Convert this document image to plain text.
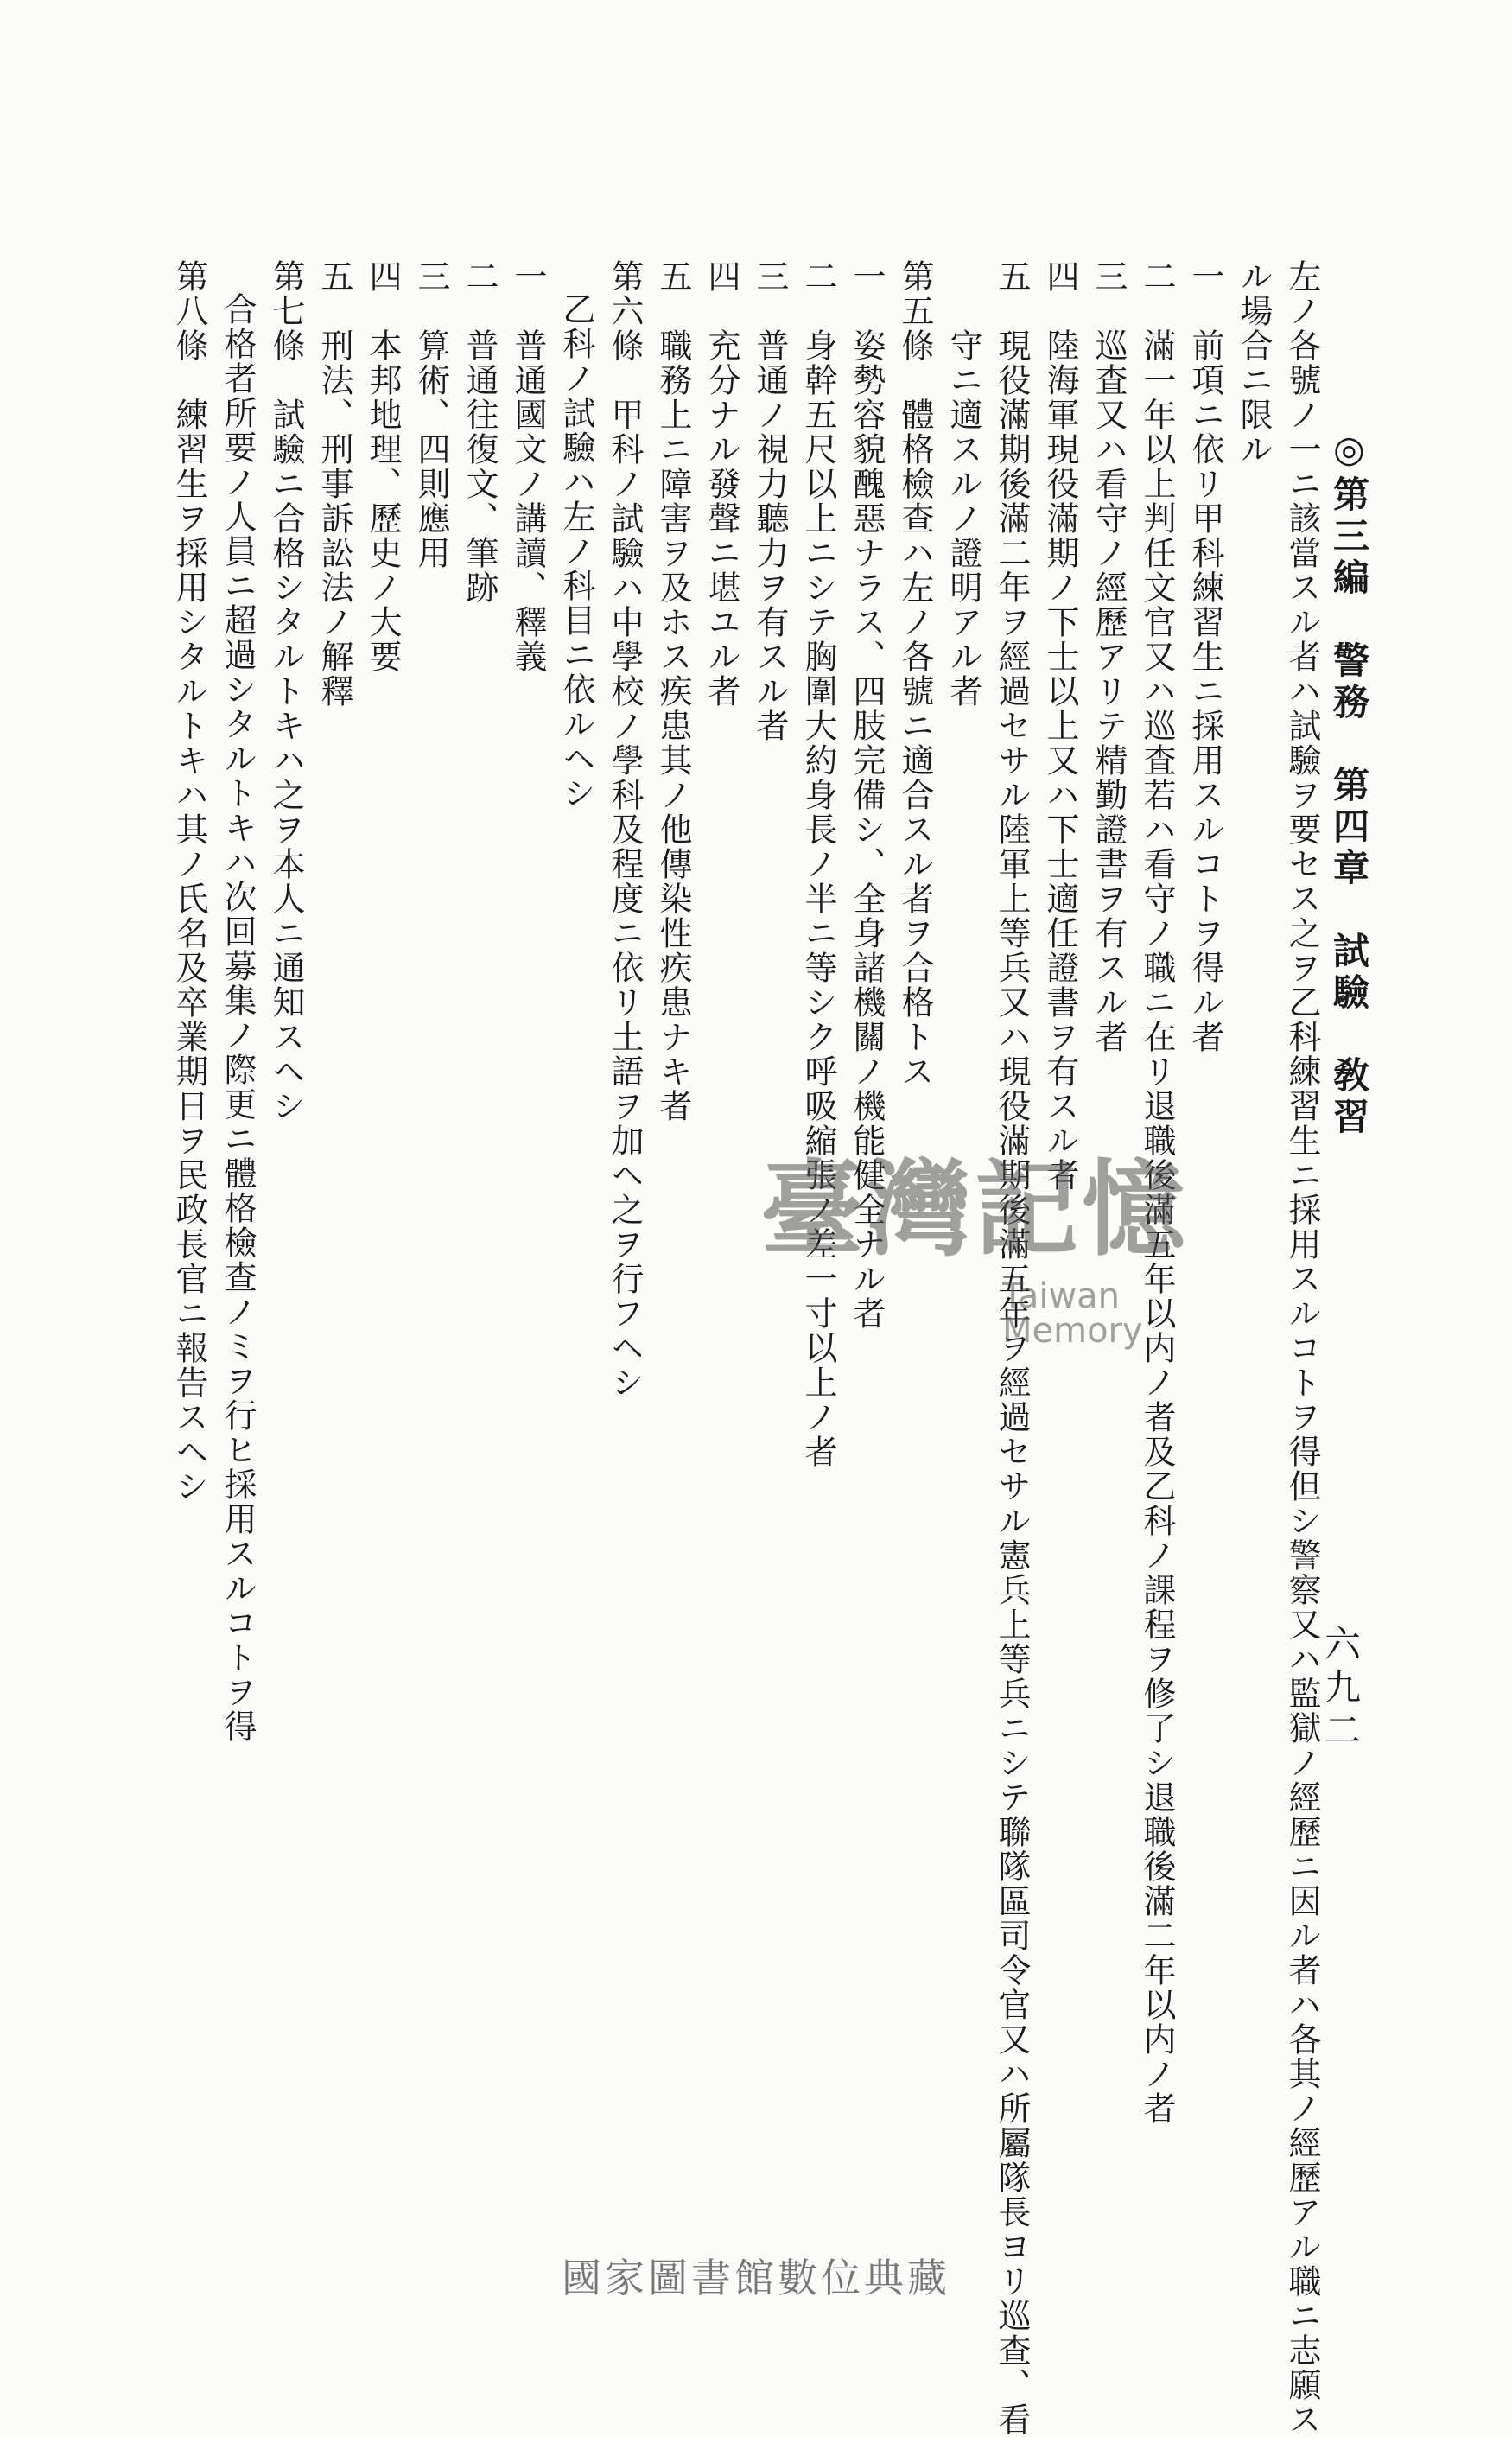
◎第三編　警務　第四章　試驗　敎習
六九二
左ノ各號ノ一ニ該當スル者ハ試驗ヲ要セス之ヲ乙科練習生ニ採用スルコトヲ得但シ警察又ハ監獄ノ經歷ニ因ル者ハ各其ノ經歷アル職ニ志願ス
ル場合ニ限ル
一　前項ニ依リ甲科練習生ニ採用スルコトヲ得ル者
二　滿一年以上判任文官又ハ巡査若ハ看守ノ職ニ在リ退職後滿五年以内ノ者及乙科ノ課程ヲ修了シ退職後滿二年以内ノ者
三　巡査又ハ看守ノ經歷アリテ精勤證書ヲ有スル者
四　陸海軍現役滿期ノ下士以上又ハ下士適任證書ヲ有スル者
五　現役滿期後滿二年ヲ經過セサル陸軍上等兵又ハ現役滿期後滿五年ヲ經過セサル憲兵上等兵ニシテ聯隊區司令官又ハ所屬隊長ヨリ巡查、看
守ニ適スルノ證明アル者
第五條　體格檢查ハ左ノ各號ニ適合スル者ヲ合格トス
一　姿勢容貌醜惡ナラス、四肢完備シ、全身諸機關ノ機能健全ナル者
二　身幹五尺以上ニシテ胸圍大約身長ノ半ニ等シク呼吸縮張ノ差一寸以上ノ者
三　普通ノ視力聽力ヲ有スル者
四　充分ナル發聲ニ堪ユル者
五　職務上ニ障害ヲ及ホス疾患其ノ他傳染性疾患ナキ者
第六條　甲科ノ試驗ハ中學校ノ學科及程度ニ依リ土語ヲ加ヘ之ヲ行フヘシ
乙科ノ試驗ハ左ノ科目ニ依ルヘシ
一　普通國文ノ講讀、釋義
二　普通往復文、筆跡
三　算術、四則應用
四　本邦地理、歷史ノ大要
五　刑法、刑事訴訟法ノ解釋
第七條　試驗ニ合格シタルトキハ之ヲ本人ニ通知スヘシ
合格者所要ノ人員ニ超過シタルトキハ次回募集ノ際更ニ體格檢查ノミヲ行ヒ採用スルコトヲ得
第八條　練習生ヲ採用シタルトキハ其ノ氏名及卒業期日ヲ民政長官ニ報告スヘシ	臺灣記憶
Taiwan Memory
國家圖書館數位典藏
